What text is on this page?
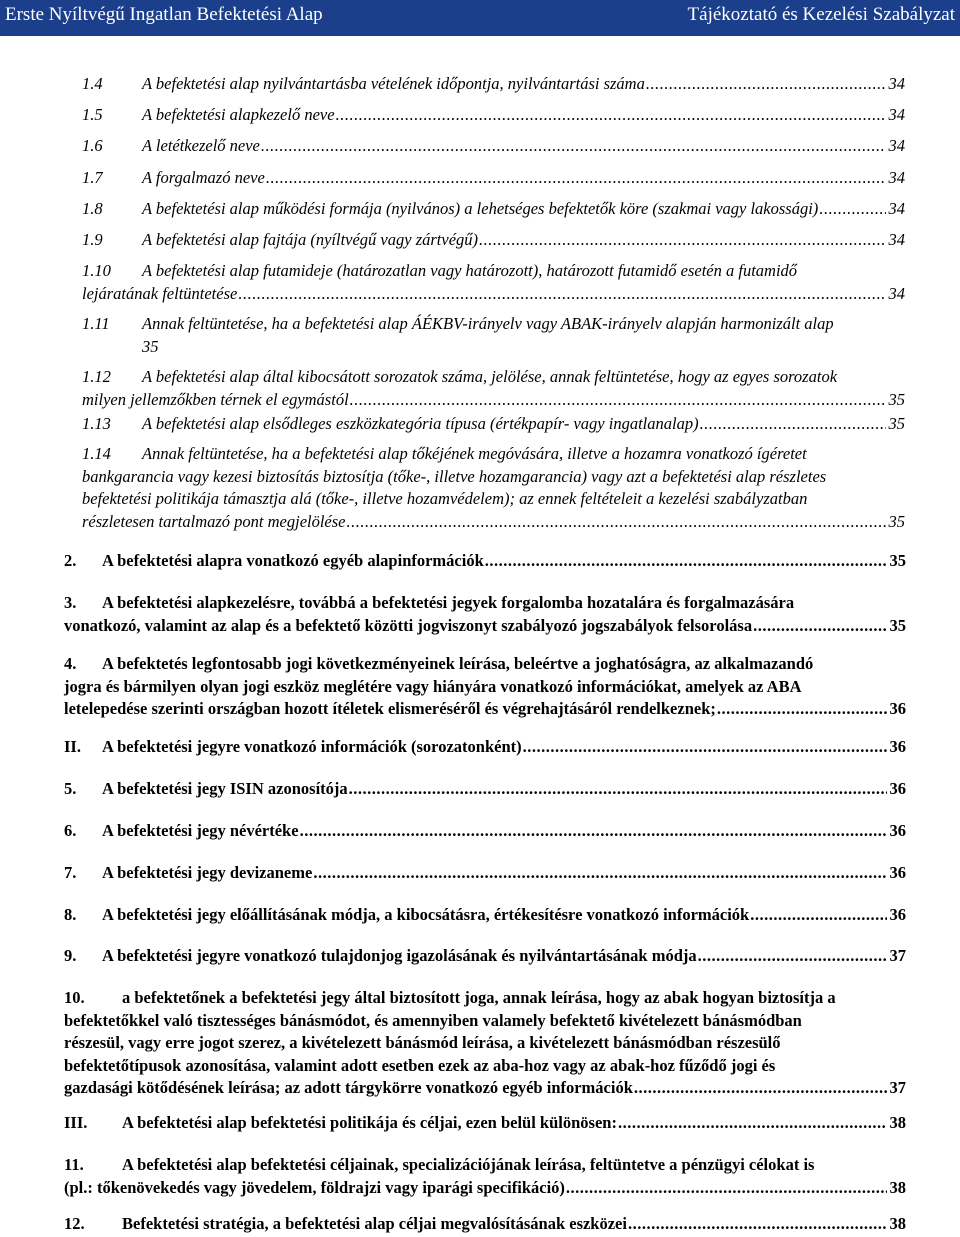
Erste Nyíltvégű Ingatlan Befektetési Alap	Tájékoztató és Kezelési Szabályzat
1.4	A befektetési alap nyilvántartásba vételének időpontja, nyilvántartási száma .....	34
1.5	A befektetési alapkezelő neve .....	34
1.6	A letétkezelő neve .....	34
1.7	A forgalmazó neve .....	34
1.8	A befektetési alap működési formája (nyilvános) a lehetséges befektetők köre (szakmai vagy lakossági) .....	34
1.9	A befektetési alap fajtája (nyíltvégű vagy zártvégű) .....	34
1.10	A befektetési alap futamideje (határozatlan vagy határozott), határozott futamidő esetén a futamidő
lejáratának feltüntetése .....	34
1.11	Annak feltüntetése, ha a befektetési alap ÁÉKBV-irányelv vagy ABAK-irányelv alapján harmonizált alap
35
1.12	A befektetési alap által kibocsátott sorozatok száma, jelölése, annak feltüntetése, hogy az egyes sorozatok
milyen jellemzőkben térnek el egymástól .....	35
1.13	A befektetési alap elsődleges eszközkategória típusa (értékpapír- vagy ingatlanalap) .....	35
1.14	Annak feltüntetése, ha a befektetési alap tőkéjének megóvására, illetve a hozamra vonatkozó ígéretet
bankgarancia vagy kezesi biztosítás biztosítja (tőke-, illetve hozamgarancia) vagy azt a befektetési alap részletes
befektetési politikája támasztja alá (tőke-, illetve hozamvédelem); az ennek feltételeit a kezelési szabályzatban
részletesen tartalmazó pont megjelölése .....	35
2.	A befektetési alapra vonatkozó egyéb alapinformációk .....	35
3.	A befektetési alapkezelésre, továbbá a befektetési jegyek forgalomba hozatalára és forgalmazására
vonatkozó, valamint az alap és a befektető közötti jogviszonyt szabályozó jogszabályok felsorolása .....	35
4.	A befektetés legfontosabb jogi következményeinek leírása, beleértve a joghatóságra, az alkalmazandó
jogra és bármilyen olyan jogi eszköz meglétére vagy hiányára vonatkozó információkat, amelyek az ABA
letelepedése szerinti országban hozott ítéletek elismeréséről és végrehajtásáról rendelkeznek; .....	36
II.	A befektetési jegyre vonatkozó információk (sorozatonként) .....	36
5.	A befektetési jegy ISIN azonosítója .....	36
6.	A befektetési jegy névértéke .....	36
7.	A befektetési jegy devizaneme .....	36
8.	A befektetési jegy előállításának módja, a kibocsátásra, értékesítésre vonatkozó információk .....	36
9.	A befektetési jegyre vonatkozó tulajdonjog igazolásának és nyilvántartásának módja .....	37
10.	a befektetőnek a befektetési jegy által biztosított joga, annak leírása, hogy az abak hogyan biztosítja a
befektetőkkel való tisztességes bánásmódot, és amennyiben valamely befektető kivételezett bánásmódban
részesül, vagy erre jogot szerez, a kivételezett bánásmód leírása, a kivételezett bánásmódban részesülő
befektetőtípusok azonosítása, valamint adott esetben ezek az aba-hoz vagy az abak-hoz fűződő jogi és
gazdasági kötődésének leírása; az adott tárgykörre vonatkozó egyéb információk .....	37
III.	A befektetési alap befektetési politikája és céljai, ezen belül különösen: .....	38
11.	A befektetési alap befektetési céljainak, specializációjának leírása, feltüntetve a pénzügyi célokat is
(pl.: tőkenövekedés vagy jövedelem, földrajzi vagy iparági specifikáció) .....	38
12.	Befektetési stratégia, a befektetési alap céljai megvalósításának eszközei .....	38
